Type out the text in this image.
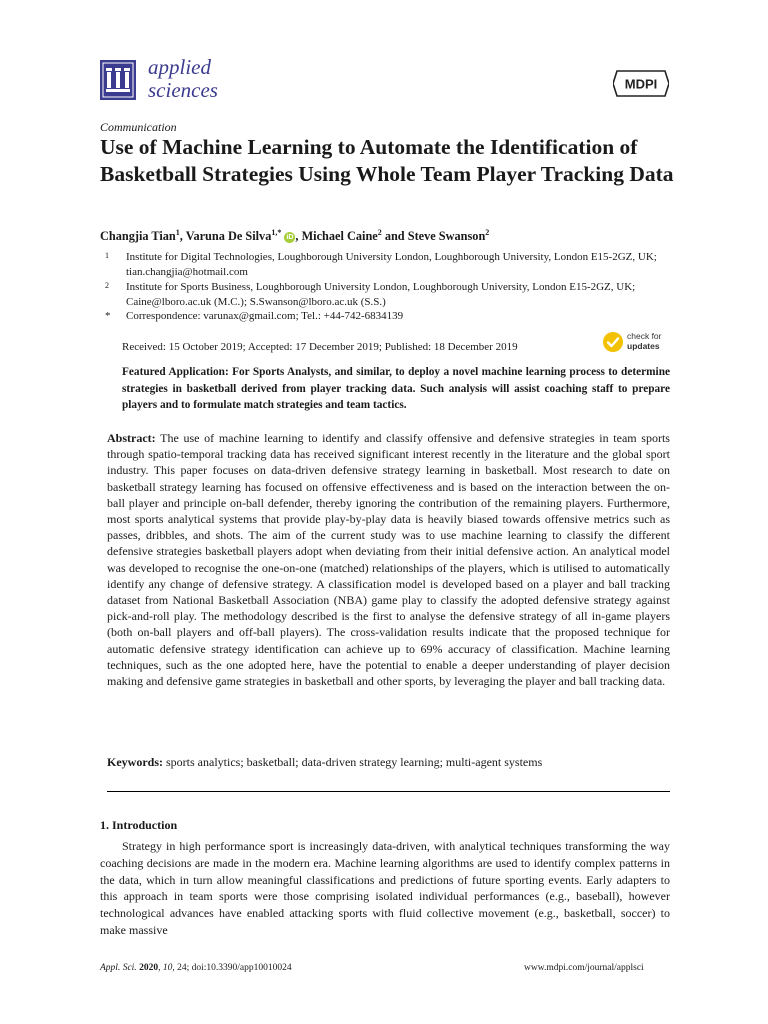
applied
sciences	MDPI
Communication
Use of Machine Learning to Automate the Identification of Basketball Strategies Using Whole Team Player Tracking Data
Changjia Tian$^1$, Varuna De Silva$^{1,*}$ iD , Michael Caine$^2$ and Steve Swanson$^2$
1 Institute for Digital Technologies, Loughborough University London, Loughborough University, London E15-2GZ, UK; tian.changjia@hotmail.com
2 Institute for Sports Business, Loughborough University London, Loughborough University, London E15-2GZ, UK; Caine@lboro.ac.uk (M.C.); S.Swanson@lboro.ac.uk (S.S.)
* Correspondence: varunax@gmail.com; Tel.: +44-742-6834139
Received: 15 October 2019; Accepted: 17 December 2019; Published: 18 December 2019
check for
updates
Featured Application: For Sports Analysts, and similar, to deploy a novel machine learning process to determine strategies in basketball derived from player tracking data. Such analysis will assist coaching staff to prepare players and to formulate match strategies and team tactics.
Abstract: The use of machine learning to identify and classify offensive and defensive strategies in team sports through spatio-temporal tracking data has received significant interest recently in the literature and the global sport industry. This paper focuses on data-driven defensive strategy learning in basketball. Most research to date on basketball strategy learning has focused on offensive effectiveness and is based on the interaction between the on-ball player and principle on-ball defender, thereby ignoring the contribution of the remaining players. Furthermore, most sports analytical systems that provide play-by-play data is heavily biased towards offensive metrics such as passes, dribbles, and shots. The aim of the current study was to use machine learning to classify the different defensive strategies basketball players adopt when deviating from their initial defensive action. An analytical model was developed to recognise the one-on-one (matched) relationships of the players, which is utilised to automatically identify any change of defensive strategy. A classification model is developed based on a player and ball tracking dataset from National Basketball Association (NBA) game play to classify the adopted defensive strategy against pick-and-roll play. The methodology described is the first to analyse the defensive strategy of all in-game players (both on-ball players and off-ball players). The cross-validation results indicate that the proposed technique for automatic defensive strategy identification can achieve up to 69% accuracy of classification. Machine learning techniques, such as the one adopted here, have the potential to enable a deeper understanding of player decision making and defensive game strategies in basketball and other sports, by leveraging the player and ball tracking data.
Keywords: sports analytics; basketball; data-driven strategy learning; multi-agent systems
1. Introduction
Strategy in high performance sport is increasingly data-driven, with analytical techniques transforming the way coaching decisions are made in the modern era. Machine learning algorithms are used to identify complex patterns in the data, which in turn allow meaningful classifications and predictions of future sporting events. Early adapters to this approach in team sports were those comprising isolated individual performances (e.g., baseball), however technological advances have enabled attacking sports with fluid collective movement (e.g., basketball, soccer) to make massive
Appl. Sci. 2020, 10, 24; doi:10.3390/app10010024	www.mdpi.com/journal/applsci
